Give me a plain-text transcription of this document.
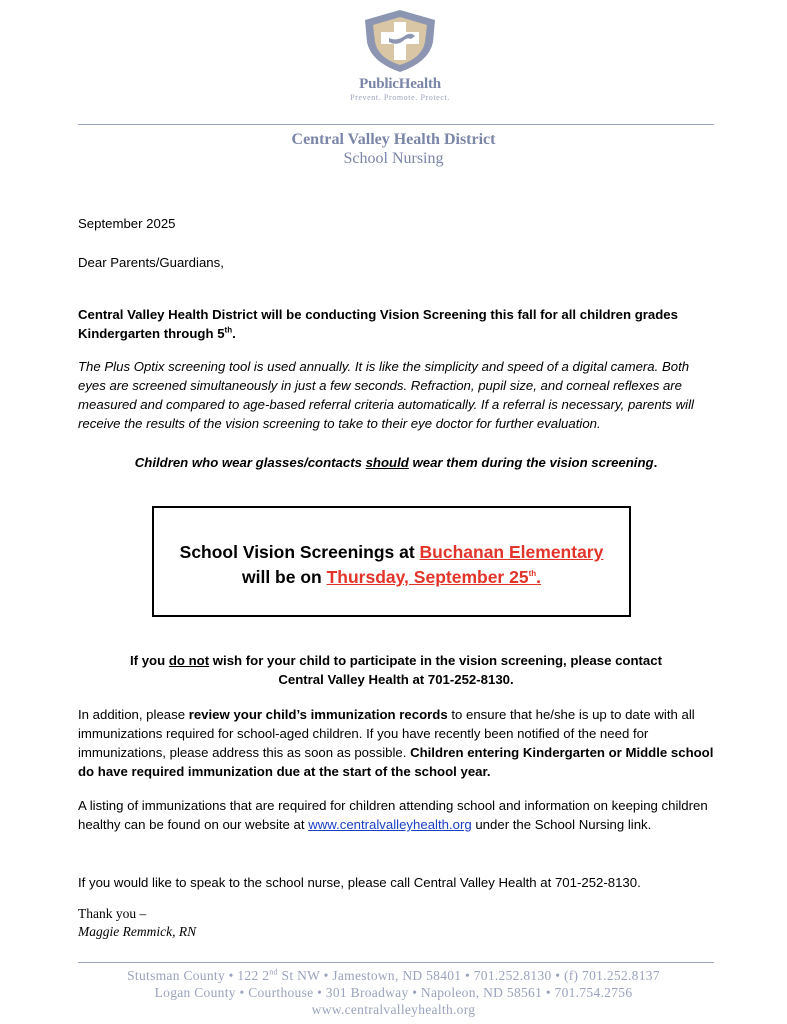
PublicHealth
Prevent. Promote. Protect.
Central Valley Health District
School Nursing
September 2025
Dear Parents/Guardians,
Central Valley Health District will be conducting Vision Screening this fall for all children grades Kindergarten through 5th.
The Plus Optix screening tool is used annually. It is like the simplicity and speed of a digital camera. Both eyes are screened simultaneously in just a few seconds. Refraction, pupil size, and corneal reflexes are measured and compared to age-based referral criteria automatically. If a referral is necessary, parents will receive the results of the vision screening to take to their eye doctor for further evaluation.
Children who wear glasses/contacts should wear them during the vision screening.
School Vision Screenings at Buchanan Elementary
will be on Thursday, September 25th.
If you do not wish for your child to participate in the vision screening, please contact
Central Valley Health at 701-252-8130.
In addition, please review your child’s immunization records to ensure that he/she is up to date with all immunizations required for school-aged children. If you have recently been notified of the need for immunizations, please address this as soon as possible. Children entering Kindergarten or Middle school do have required immunization due at the start of the school year.
A listing of immunizations that are required for children attending school and information on keeping children healthy can be found on our website at www.centralvalleyhealth.org under the School Nursing link.
If you would like to speak to the school nurse, please call Central Valley Health at 701-252-8130.
Thank you –
Maggie Remmick, RN
Stutsman County • 122 2nd St NW • Jamestown, ND 58401 • 701.252.8130 • (f) 701.252.8137
Logan County • Courthouse • 301 Broadway • Napoleon, ND 58561 • 701.754.2756
www.centralvalleyhealth.org
